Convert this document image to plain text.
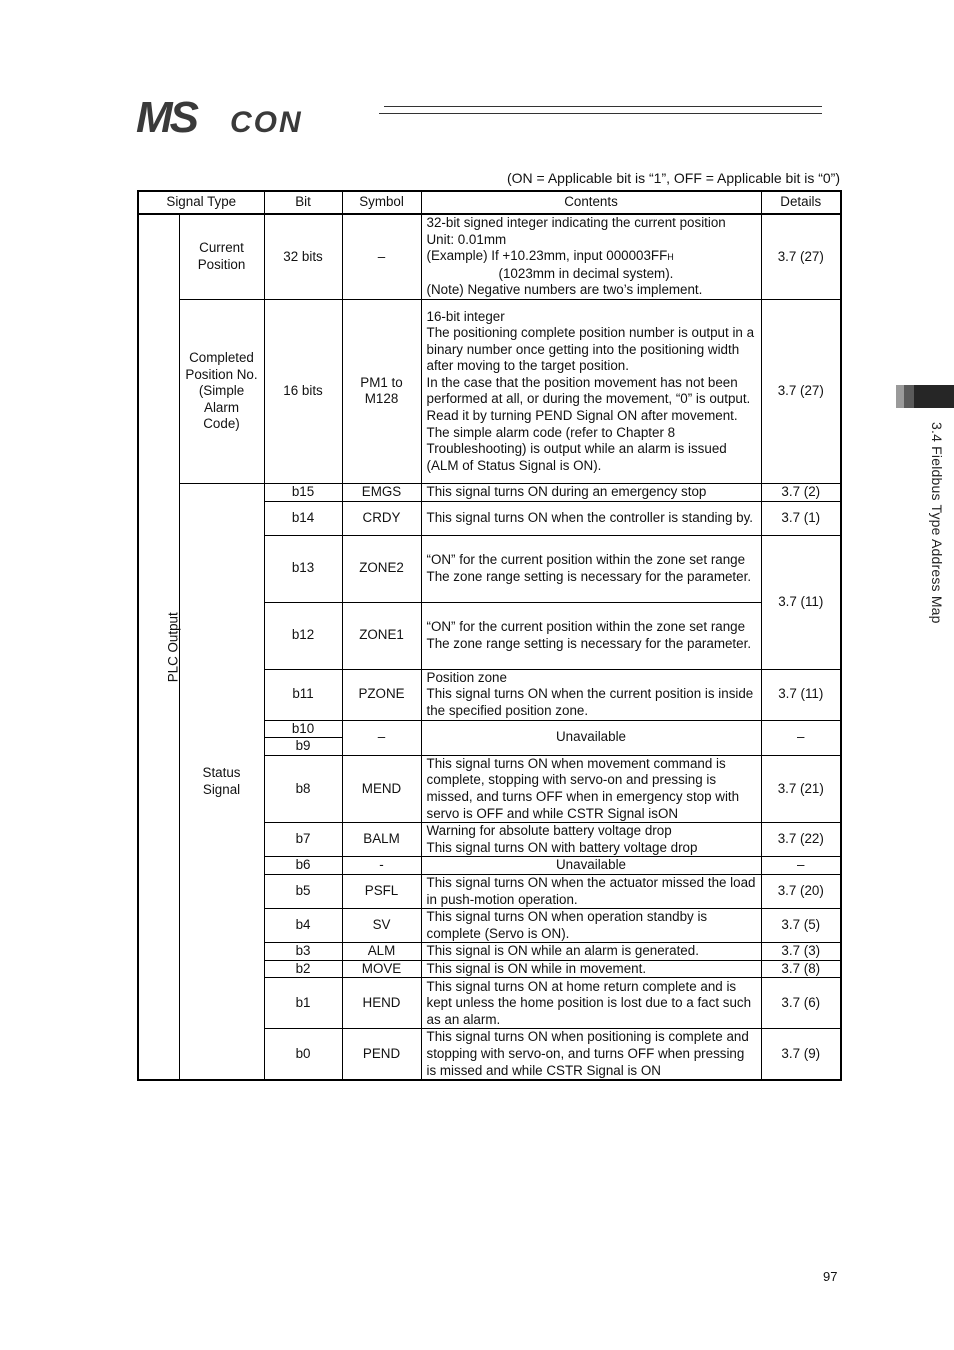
MS CON
(ON = Applicable bit is “1”, OFF = Applicable bit is “0”)
3.4 Fieldbus Type Address Map
Signal Type		Bit	Symbol	Contents	Details
PLC Output	Current Position	32 bits	–	32-bit signed integer indicating the current position
Unit: 0.01mm
(Example) If +10.23mm, input 000003FFH
(1023mm in decimal system).
(Note) Negative numbers are two’s implement.	3.7 (27)
	Completed Position No. (Simple Alarm Code)	16 bits	PM1 to M128	16-bit integer
The positioning complete position number is output in a binary number once getting into the positioning width after moving to the target position.
In the case that the position movement has not been performed at all, or during the movement, “0” is output. Read it by turning PEND Signal ON after movement.
The simple alarm code (refer to Chapter 8 Troubleshooting) is output while an alarm is issued (ALM of Status Signal is ON).	3.7 (27)
	Status Signal	b15	EMGS	This signal turns ON during an emergency stop	3.7 (2)
		b14	CRDY	This signal turns ON when the controller is standing by.	3.7 (1)
		b13	ZONE2	“ON” for the current position within the zone set range
The zone range setting is necessary for the parameter.	3.7 (11)
		b12	ZONE1	“ON” for the current position within the zone set range
The zone range setting is necessary for the parameter.	
		b11	PZONE	Position zone
This signal turns ON when the current position is inside the specified position zone.	3.7 (11)
		b10	–	Unavailable	–
		b9			
		b8	MEND	This signal turns ON when movement command is complete, stopping with servo-on and pressing is missed, and turns OFF when in emergency stop with servo is OFF and while CSTR Signal isON	3.7 (21)
		b7	BALM	Warning for absolute battery voltage drop
This signal turns ON with battery voltage drop	3.7 (22)
		b6	-	Unavailable	–
		b5	PSFL	This signal turns ON when the actuator missed the load in push-motion operation.	3.7 (20)
		b4	SV	This signal turns ON when operation standby is complete (Servo is ON).	3.7 (5)
		b3	ALM	This signal is ON while an alarm is generated.	3.7 (3)
		b2	MOVE	This signal is ON while in movement.	3.7 (8)
		b1	HEND	This signal turns ON at home return complete and is kept unless the home position is lost due to a fact such as an alarm.	3.7 (6)
		b0	PEND	This signal turns ON when positioning is complete and stopping with servo-on, and turns OFF when pressing is missed and while CSTR Signal is ON	3.7 (9)
97
